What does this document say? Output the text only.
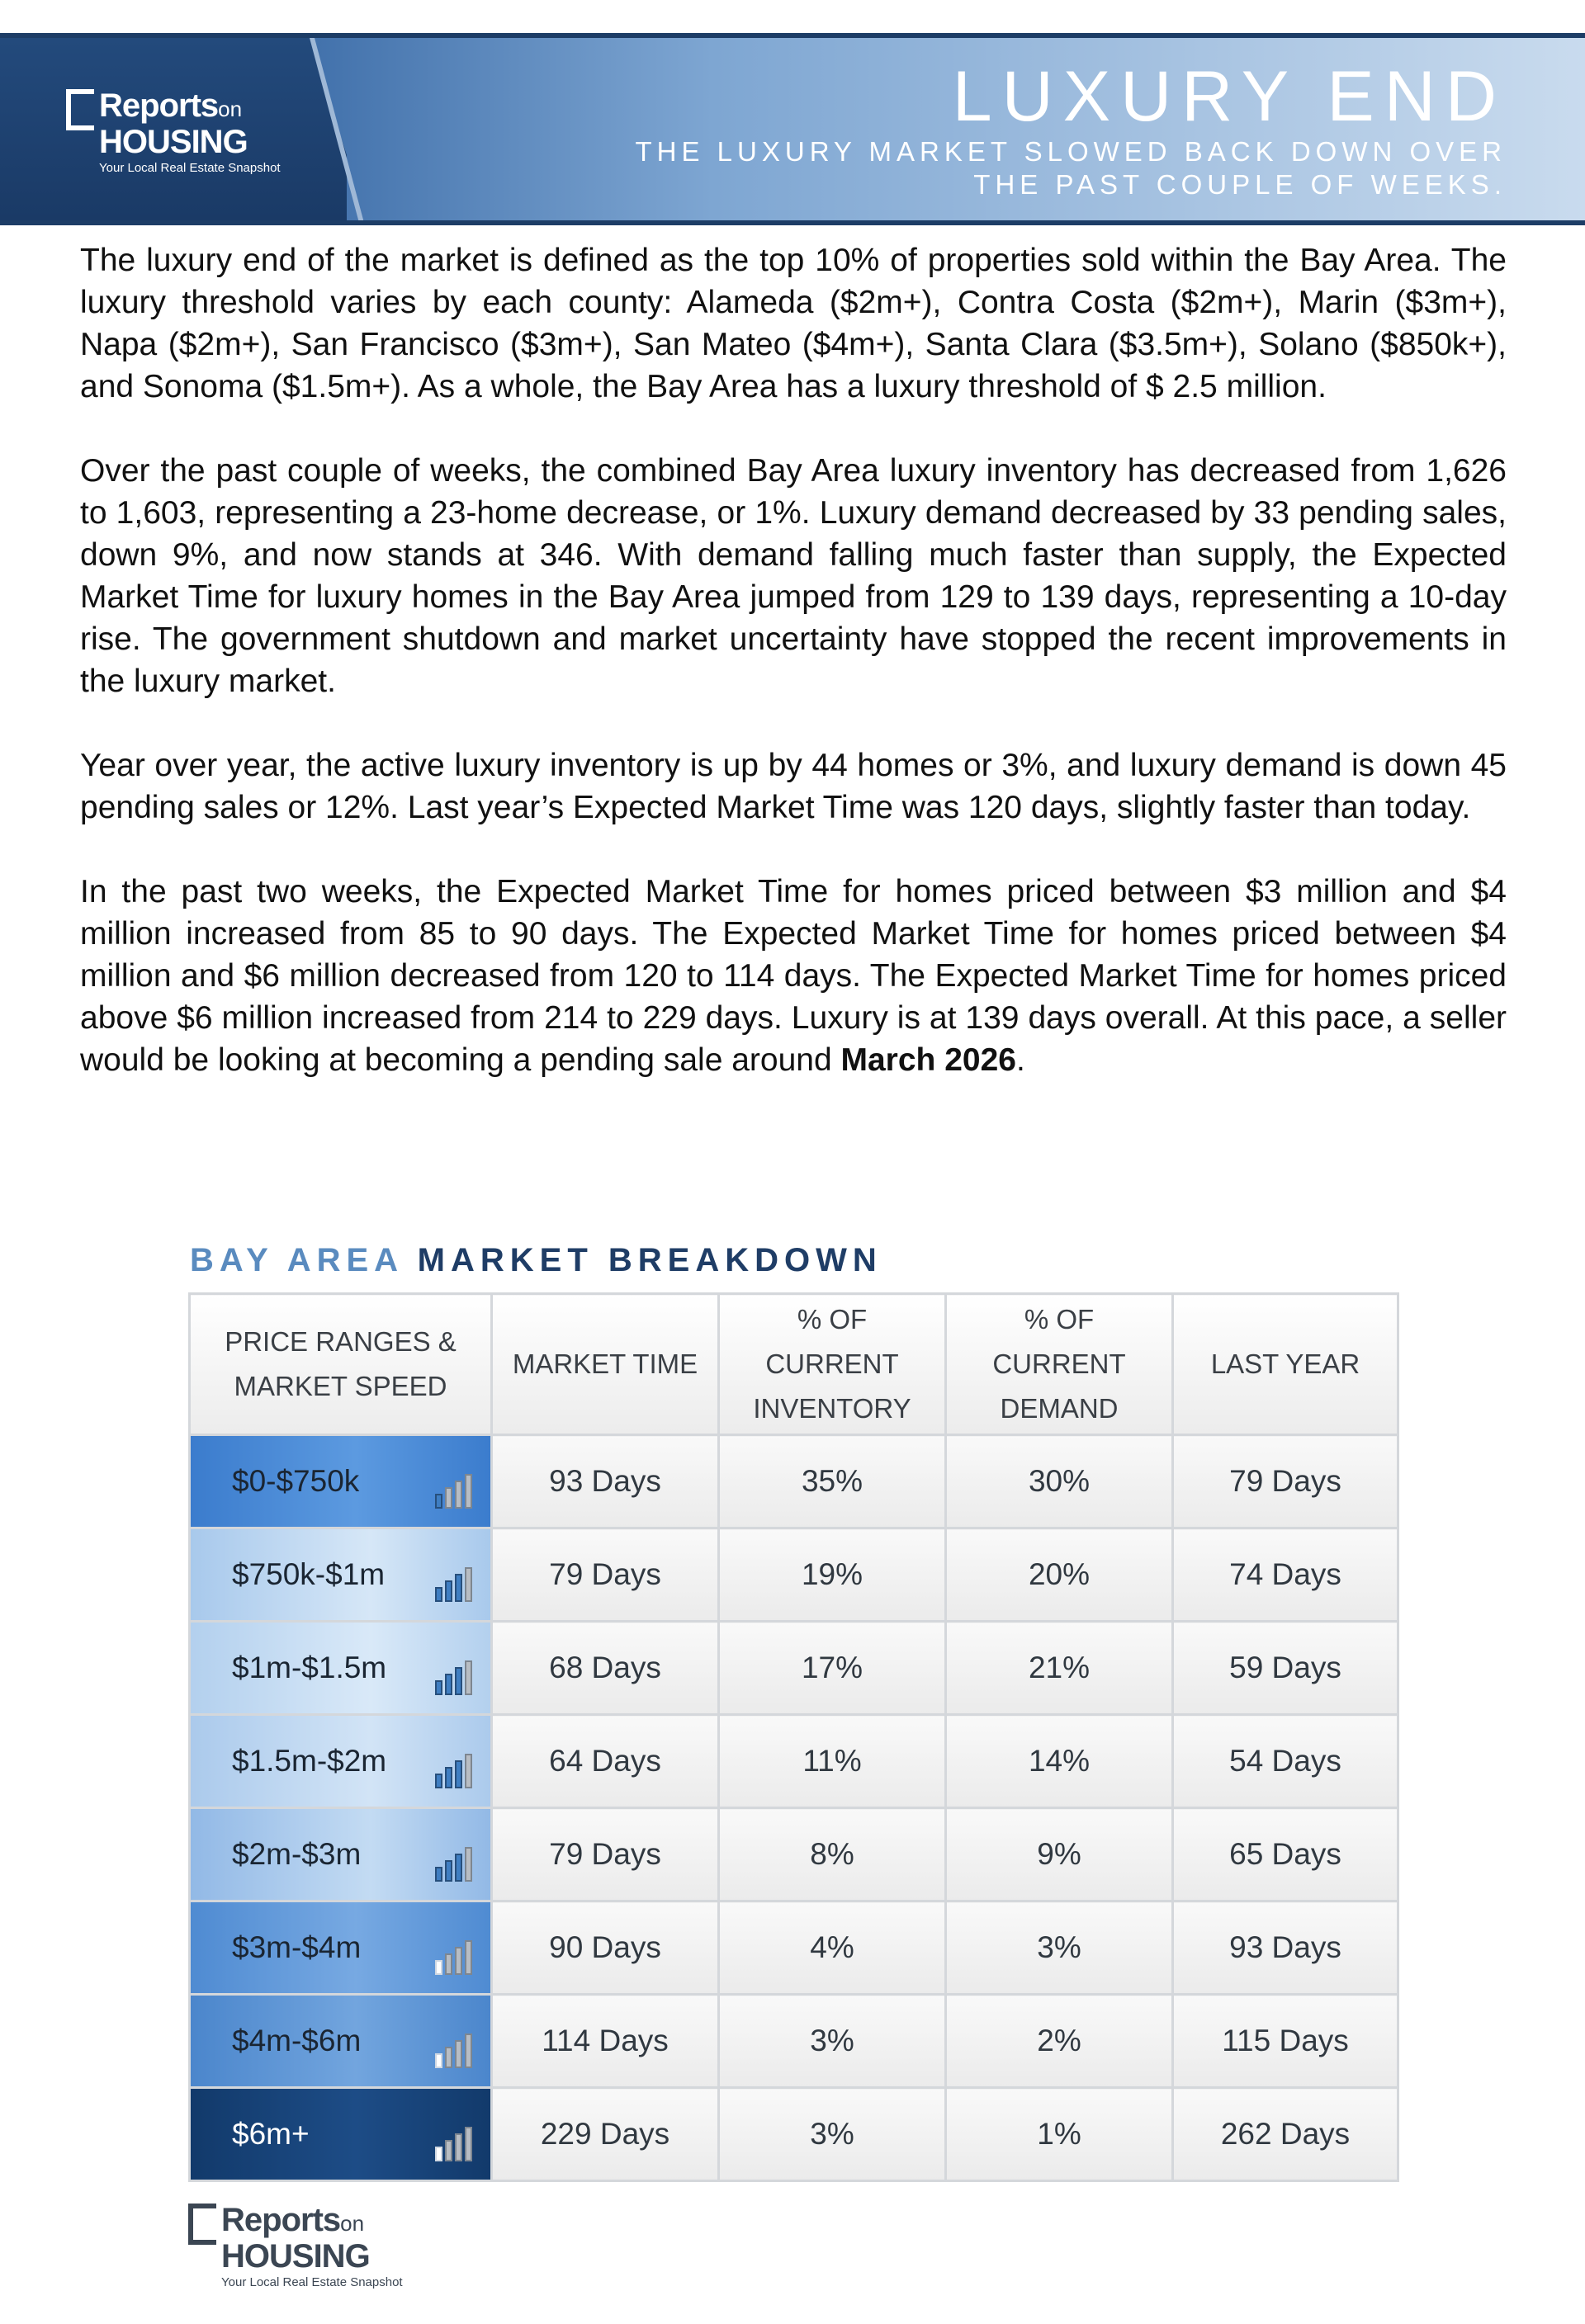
Reportson
HOUSING
Your Local Real Estate Snapshot
LUXURY END
THE LUXURY MARKET SLOWED BACK DOWN OVER THE PAST COUPLE OF WEEKS.

The luxury end of the market is defined as the top 10% of properties sold within the Bay Area. The luxury threshold varies by each county: Alameda ($2m+), Contra Costa ($2m+), Marin ($3m+), Napa ($2m+), San Francisco ($3m+), San Mateo ($4m+), Santa Clara ($3.5m+), Solano ($850k+), and Sonoma ($1.5m+). As a whole, the Bay Area has a luxury threshold of $ 2.5 million.

Over the past couple of weeks, the combined Bay Area luxury inventory has decreased from 1,626 to 1,603, representing a 23-home decrease, or 1%. Luxury demand decreased by 33 pending sales, down 9%, and now stands at 346. With demand falling much faster than supply, the Expected Market Time for luxury homes in the Bay Area jumped from 129 to 139 days, representing a 10-day rise. The government shutdown and market uncertainty have stopped the recent improvements in the luxury market.

Year over year, the active luxury inventory is up by 44 homes or 3%, and luxury demand is down 45 pending sales or 12%. Last year’s Expected Market Time was 120 days, slightly faster than today.

In the past two weeks, the Expected Market Time for homes priced between $3 million and $4 million increased from 85 to 90 days. The Expected Market Time for homes priced between $4 million and $6 million decreased from 120 to 114 days. The Expected Market Time for homes priced above $6 million increased from 214 to 229 days. Luxury is at 139 days overall. At this pace, a seller would be looking at becoming a pending sale around March 2026.

BAY AREA MARKET BREAKDOWN
PRICE RANGES &
MARKET SPEED	MARKET TIME	% OF
CURRENT
INVENTORY	% OF
CURRENT
DEMAND	LAST YEAR
$0-$750k	93 Days	35%	30%	79 Days
$750k-$1m	79 Days	19%	20%	74 Days
$1m-$1.5m	68 Days	17%	21%	59 Days
$1.5m-$2m	64 Days	11%	14%	54 Days
$2m-$3m	79 Days	8%	9%	65 Days
$3m-$4m	90 Days	4%	3%	93 Days
$4m-$6m	114 Days	3%	2%	115 Days
$6m+	229 Days	3%	1%	262 Days
Reportson
HOUSING
Your Local Real Estate Snapshot
